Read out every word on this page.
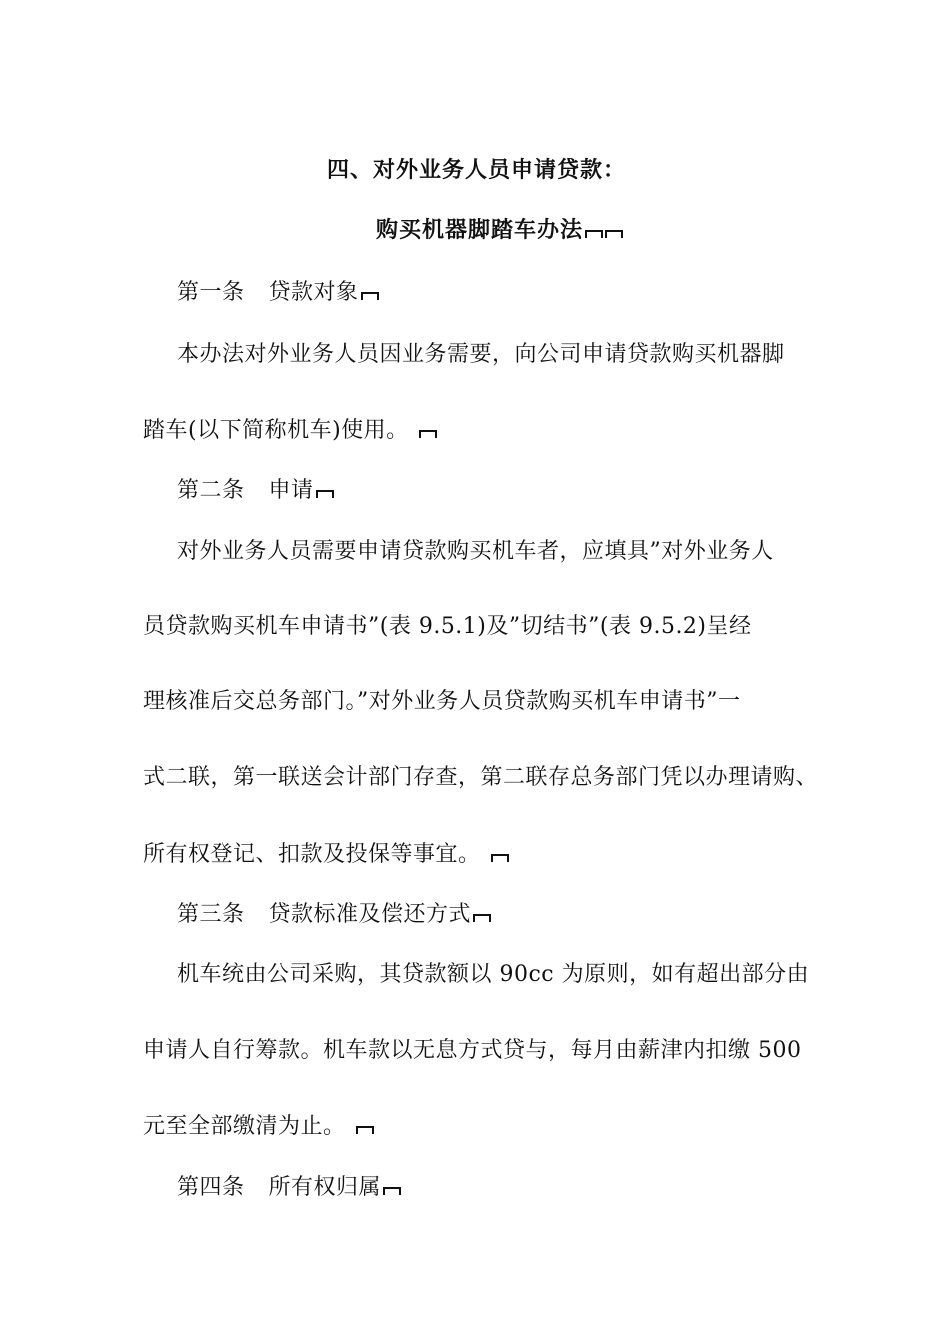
四、对外业务人员申请贷款：
购买机器脚踏车办法
第一条 贷款对象
本办法对外业务人员因业务需要，向公司申请贷款购买机器脚
踏车(以下简称机车)使用。
第二条 申请
对外业务人员需要申请贷款购买机车者，应填具”对外业务人
员贷款购买机车申请书”(表 9.5.1)及”切结书”(表 9.5.2)呈经
理核准后交总务部门。”对外业务人员贷款购买机车申请书”一
式二联，第一联送会计部门存查，第二联存总务部门凭以办理请购、
所有权登记、扣款及投保等事宜。
第三条 贷款标准及偿还方式
机车统由公司采购，其贷款额以 90cc 为原则，如有超出部分由
申请人自行筹款。机车款以无息方式贷与，每月由薪津内扣缴 500
元至全部缴清为止。
第四条 所有权归属
